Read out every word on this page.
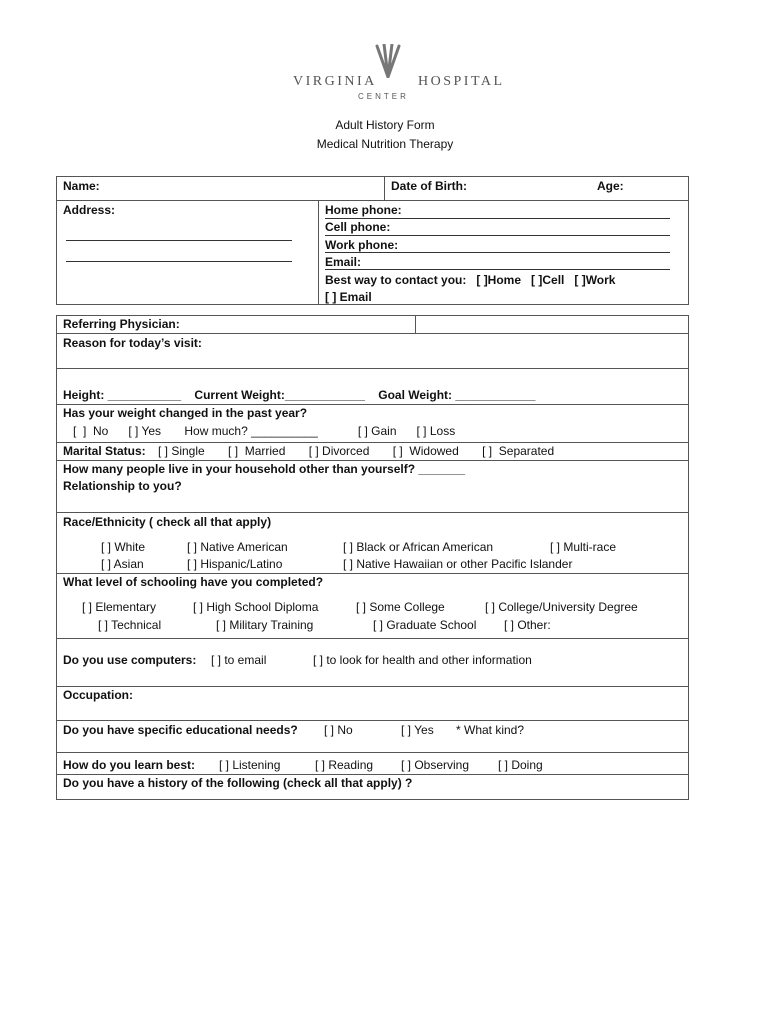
VIRGINIA	HOSPITAL
CENTER
Adult History Form
Medical Nutrition Therapy
Name:	Date of Birth:	Age:
Address:	Home phone:
Cell phone:
Work phone:
Email:
Best way to contact you:   [ ]Home   [ ]Cell   [ ]Work
[ ] Email
Referring Physician:
Reason for today’s visit:
Height: ___________    Current Weight:____________    Goal Weight: ____________
Has your weight changed in the past year?
[  ]  No      [ ] Yes       How much? __________            [ ] Gain      [ ] Loss
Marital Status: [ ] Single       [ ]  Married       [ ] Divorced       [ ]  Widowed       [ ]  Separated
How many people live in your household other than yourself? _______
Relationship to you?
Race/Ethnicity ( check all that apply)
[ ] White	[ ] Native American	[ ] Black or African American	[ ] Multi-race
[ ] Asian	[ ] Hispanic/Latino	[ ] Native Hawaiian or other Pacific Islander
What level of schooling have you completed?
[ ] Elementary	[ ] High School Diploma	[ ] Some College	[ ] College/University Degree
[ ] Technical	[ ] Military Training	[ ] Graduate School [ ] Other:
Do you use computers: [ ] to email	[ ] to look for health and other information
Occupation:
Do you have specific educational needs? [ ] No	[ ] Yes * What kind?
How do you learn best: [ ] Listening	[ ] Reading [ ] Observing [ ] Doing
Do you have a history of the following (check all that apply) ?
